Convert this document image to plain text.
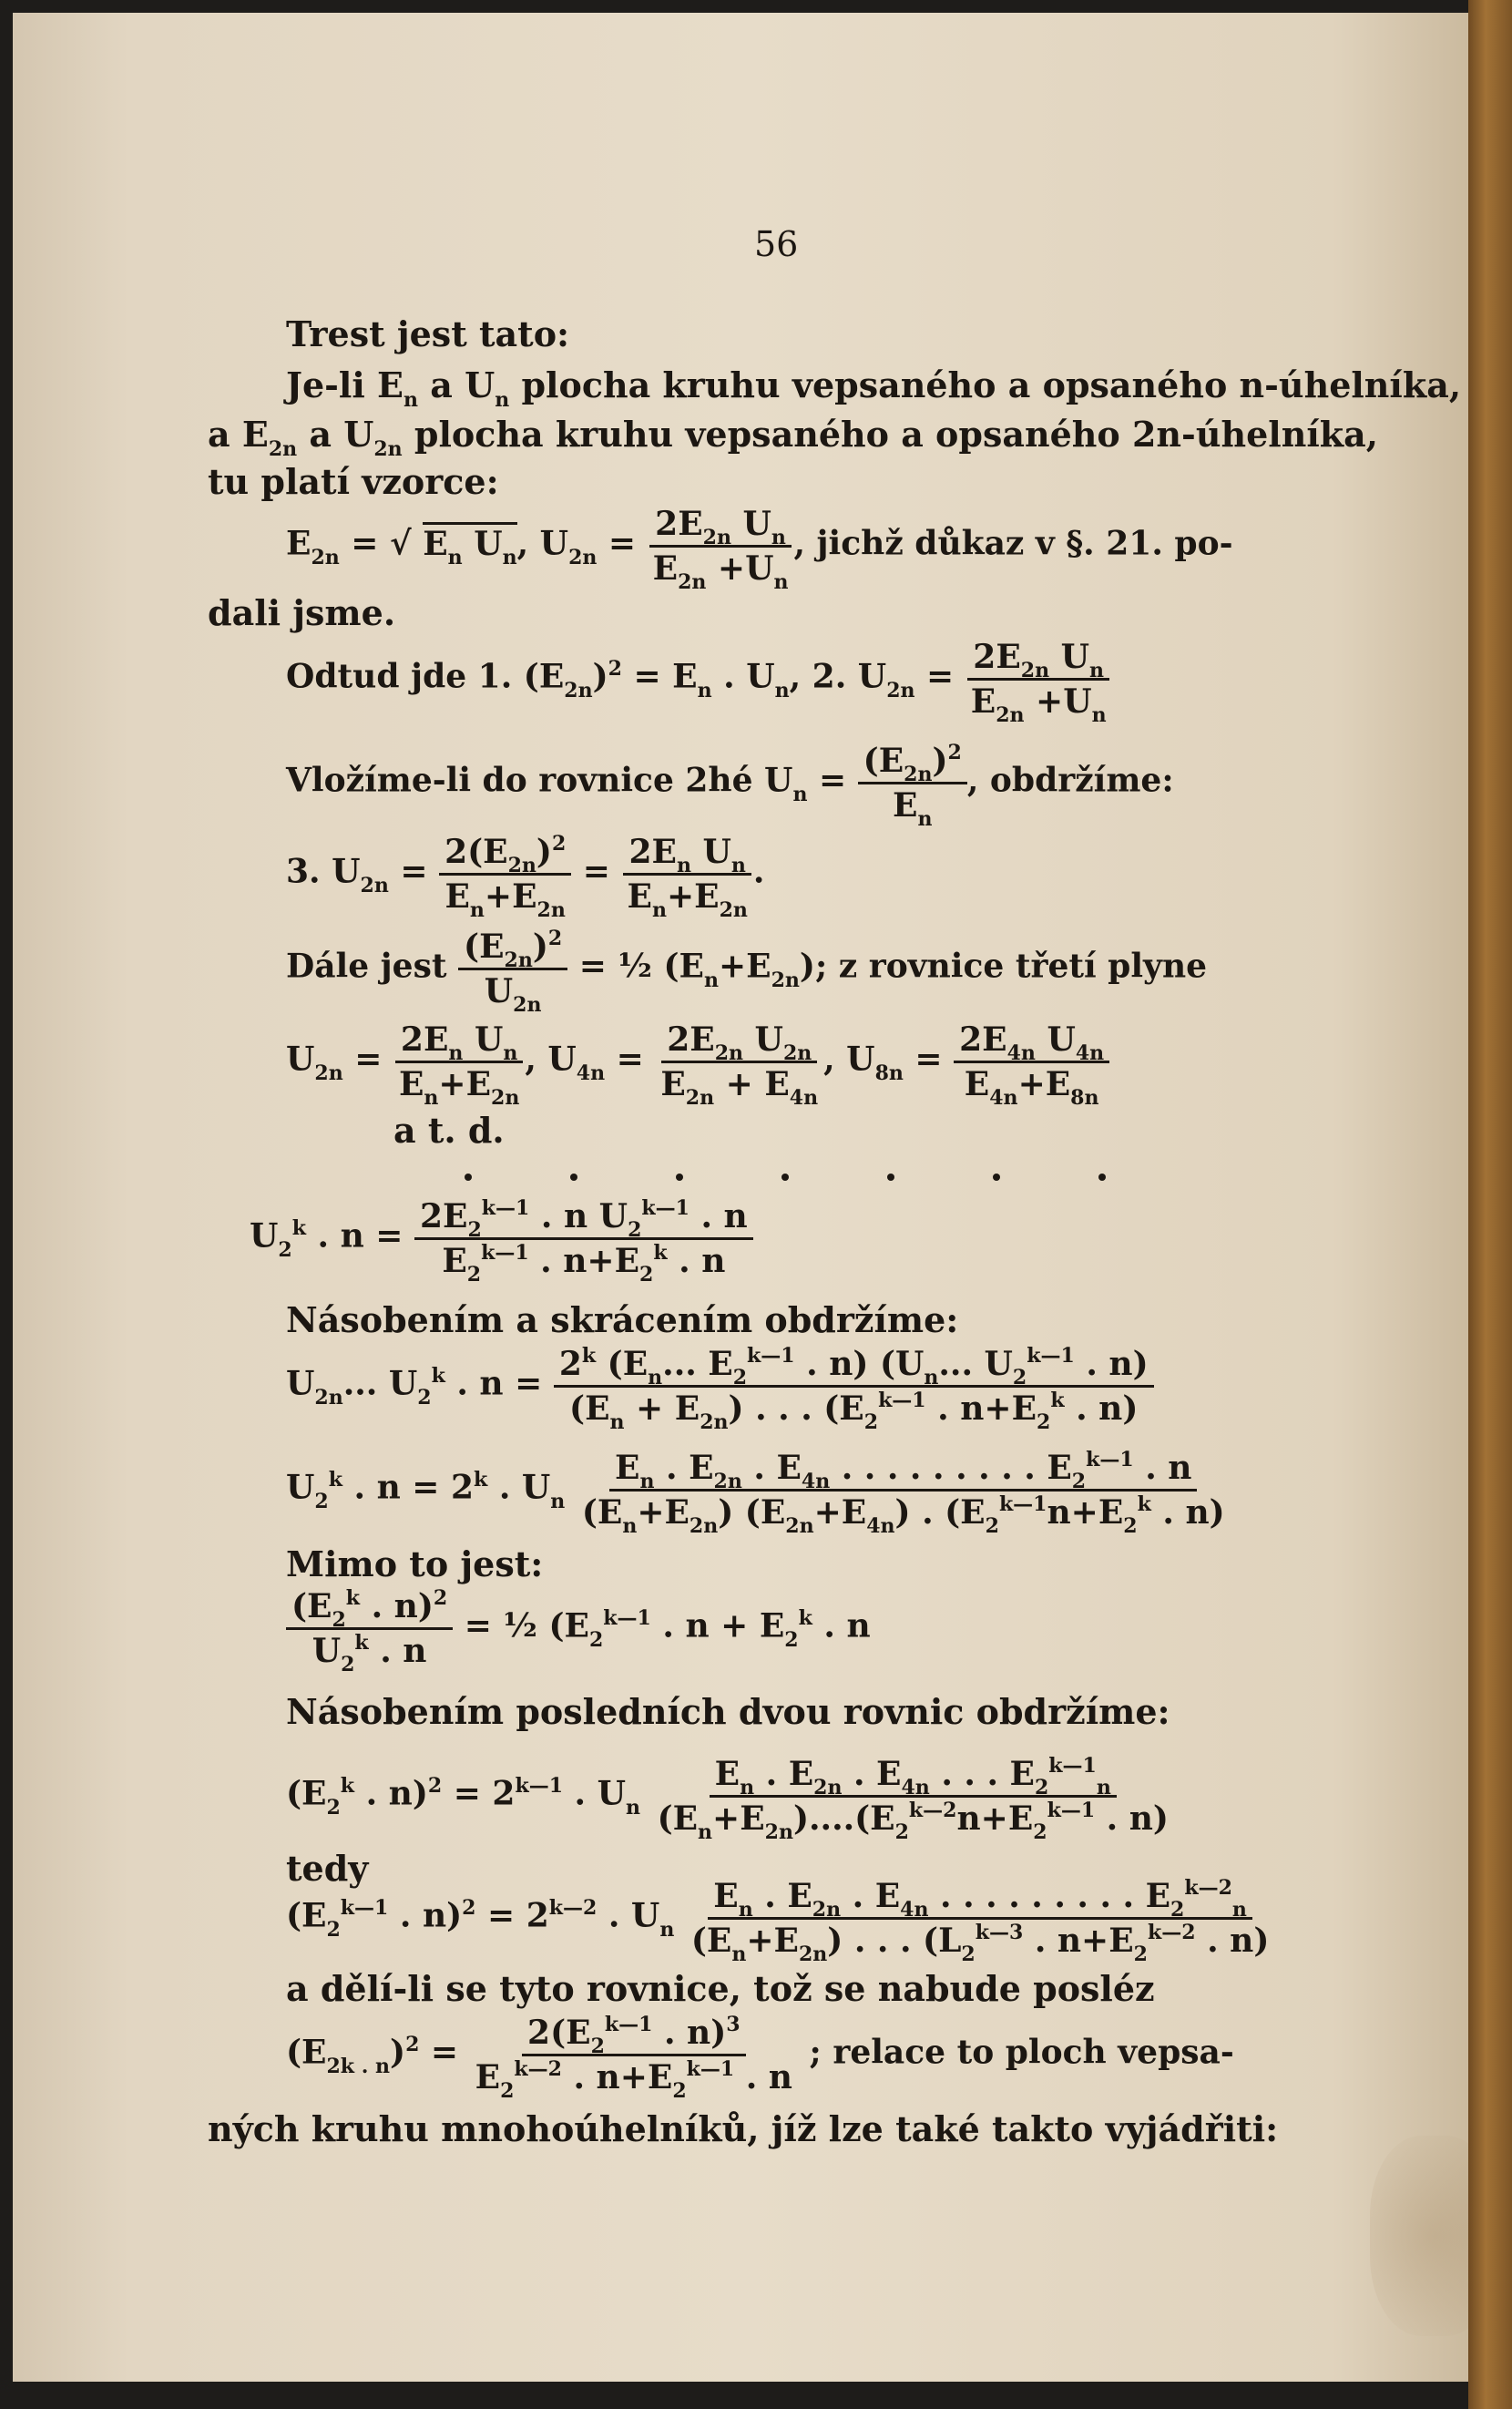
56
Trest jest tato:
Je-li $E_n$ a $U_n$ plocha kruhu vepsaného a opsaného n-úhelníka,
a $E_{2n}$ a $U_{2n}$ plocha kruhu vepsaného a opsaného 2n-úhelníka,
tu platí vzorce:
$E_{2n}$ = √ $E_n$ $U_n$, $U_{2n} = \frac{2E_{2n} U_n}{E_{2n} +U_n}$ , jichž důkaz v §. 21. po-
dali jsme.
Odtud jde 1. $(E_{2n})^2 = E_n$ . $U_n$, 2. $U_{2n} = \frac{2E_{2n} U_n}{E_{2n} +U_n}$
Vložíme-li do rovnice 2hé $U_n = \frac{(E_{2n})^2}{E_n}$ , obdržíme:
3. $U_{2n} = \frac{2(E_{2n})^2}{E_n+E_{2n}} = \frac{2E_n U_n}{E_n+E_{2n}}$ .
Dále jest $\frac{(E_{2n})^2}{U_{2n}}$ = ½ $(E_n+E_{2n})$; z rovnice třetí plyne
$U_{2n} = \frac{2E_n U_n}{E_n+E_{2n}}$ , $U_{4n} = \frac{2E_{2n} U_{2n}}{E_{2n} + E_{4n}}$ , $U_{8n} = \frac{2E_{4n} U_{4n}}{E_{4n}+E_{8n}}$
a t. d.
$U_2^k$ . $n = \frac{2E_2^{k—1} . n U_2^{k—1} . n}{E_2^{k—1} . n+E_2^k . n}$
Násobením a skrácením obdržíme:
$U_{2n}$... $U_2^k$ . $n = \frac{2^k (E_n... E_2^{k—1} . n) (U_n... U_2^{k—1} . n)}{(E_n + E_{2n}) . . . (E_2^{k—1} . n+E_2^k . n)}$
$U_2^k$ . $n = 2^k$ . $U_n \frac{E_n . E_{2n} . E_{4n} . . . . . . . . . E_2^{k—1} . n}{(E_n+E_{2n}) (E_{2n}+E_{4n}) . (E_2^{k—1}n+E_2^k . n)}$
Mimo to jest:
$\frac{(E_2^k . n)^2}{U_2^k . n}$ = ½ ($E_2^{k—1}$ . $n + E_2^k$ . n
Násobením posledních dvou rovnic obdržíme:
($E_2^k$ . $n)^2 = 2^{k—1}$ . $U_n \frac{E_n . E_{2n} . E_{4n} . . . E_2^{k—1}_n}{(E_n+E_{2n})....(E_2^{k—2}n+E_2^{k—1} . n)}$
tedy
($E_2^{k—1}$ . $n)^2 = 2^{k—2}$ . $U_n \frac{E_n . E_{2n} . E_{4n} . . . . . . . . . E_2^{k—2}_n}{(E_n+E_{2n}) . . . (L_2^{k—3} . n+E_2^{k—2} . n)}$
a dělí-li se tyto rovnice, tož se nabude posléz
$(E_{2k . n})^2 = \frac{2(E_2^{k—1} . n)^3}{E_2^{k—2} . n+E_2^{k—1} . n}$ ; relace to ploch vepsa-
ných kruhu mnohoúhelníků, jíž lze také takto vyjádřiti:
